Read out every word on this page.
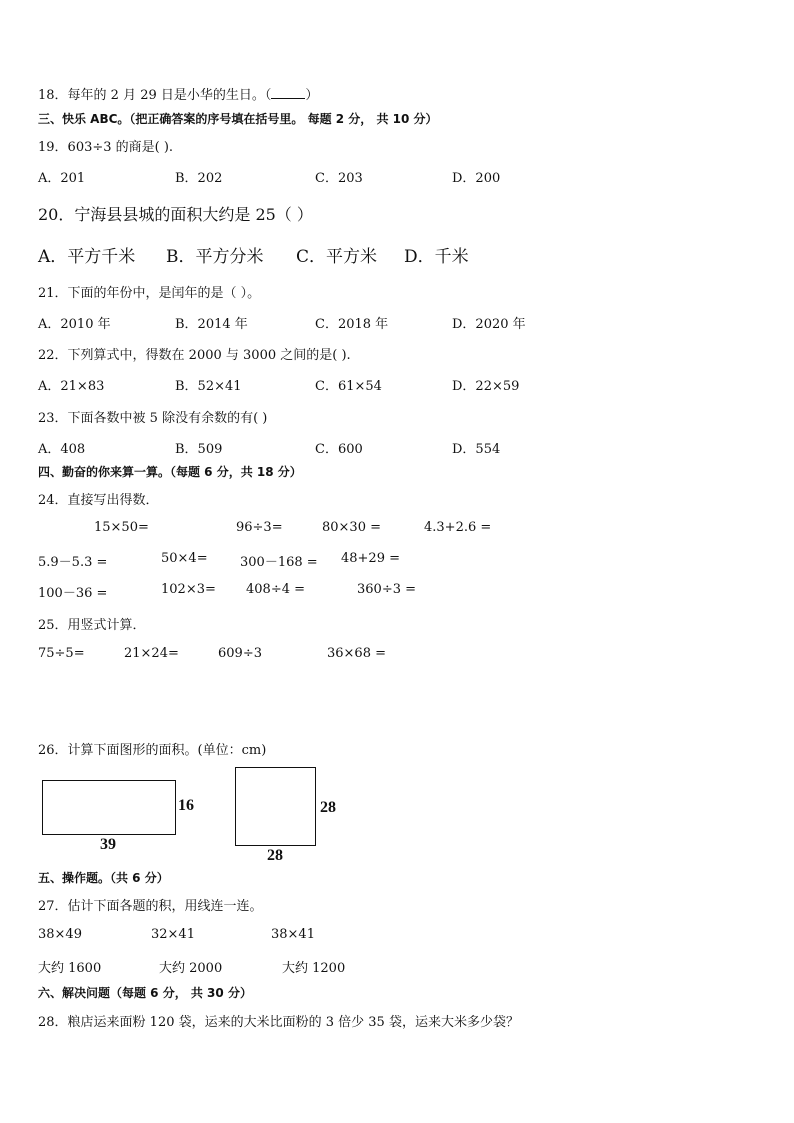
18．每年的 2 月 29 日是小华的生日。（	）
三、快乐 ABC。（把正确答案的序号填在括号里。 每题 2 分， 共 10 分）
19．603÷3 的商是( ).
A．201	B．202	C．203	D．200
20．宁海县县城的面积大约是 25（ ）
A．平方千米 B．平方分米 C．平方米 D．千米
21．下面的年份中，是闰年的是（ ）。
A．2010 年	B．2014 年	C．2018 年	D．2020 年
22．下列算式中，得数在 2000 与 3000 之间的是( ).
A．21×83	B．52×41	C．61×54	D．22×59
23．下面各数中被 5 除没有余数的有( )
A．408	B．509	C．600	D．554
四、勤奋的你来算一算。（每题 6 分，共 18 分）
24．直接写出得数．
15×50=	96÷3=	80×30 =	4.3+2.6 =
5.9－5.3 =	50×4= 300－168 = 48+29 =
100－36 =	102×3= 408÷4 =	360÷3 =
25．用竖式计算．
75÷5=	21×24=	609÷3	36×68 =
26．计算下面图形的面积。(单位：cm)
16
39
28
28
五、操作题。（共 6 分）
27．估计下面各题的积，用线连一连。
38×49	32×41	38×41
大约 1600	大约 2000	大约 1200
六、解决问题（每题 6 分， 共 30 分）
28．粮店运来面粉 120 袋，运来的大米比面粉的 3 倍少 35 袋，运来大米多少袋？
